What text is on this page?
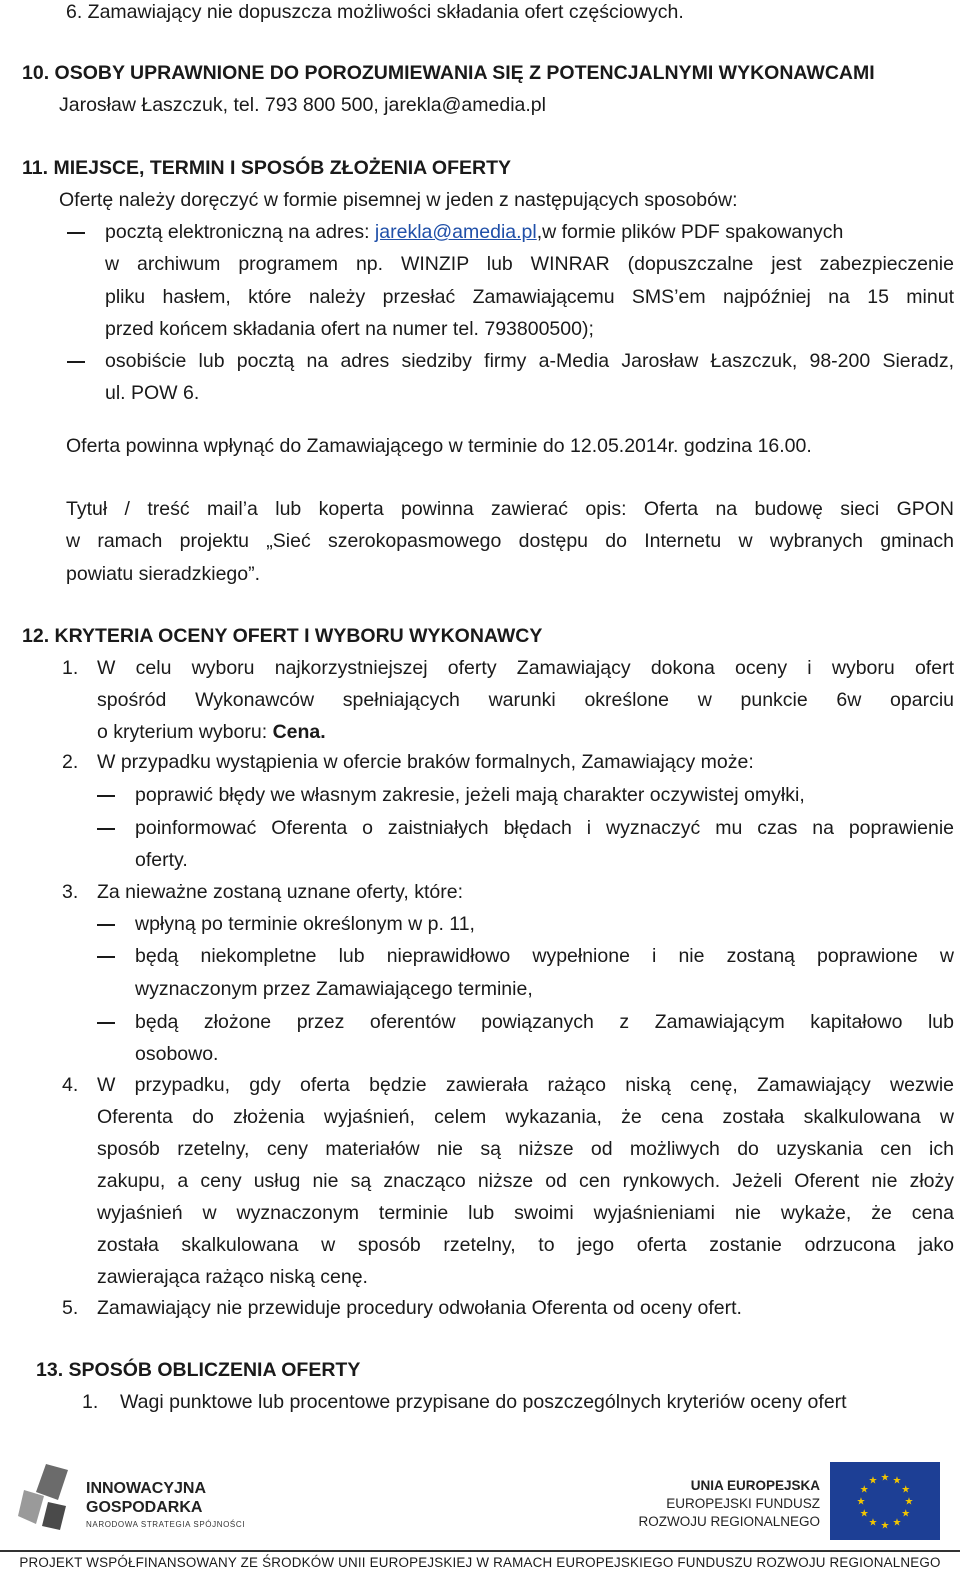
6. Zamawiający nie dopuszcza możliwości składania ofert częściowych.
10. OSOBY UPRAWNIONE DO POROZUMIEWANIA SIĘ Z POTENCJALNYMI WYKONAWCAMI
Jarosław Łaszczuk, tel. 793 800 500, jarekla@amedia.pl
11. MIEJSCE, TERMIN I SPOSÓB ZŁOŻENIA OFERTY
Ofertę należy doręczyć w formie pisemnej w jeden z następujących sposobów:
pocztą elektroniczną na adres: jarekla@amedia.pl,w formie plików PDF spakowanych
w archiwum programem np. WINZIP lub WINRAR (dopuszczalne jest zabezpieczenie
pliku hasłem, które należy przesłać Zamawiającemu SMS’em najpóźniej na 15 minut
przed końcem składania ofert na numer tel. 793800500);
osobiście lub pocztą na adres siedziby firmy a-Media Jarosław Łaszczuk, 98-200 Sieradz,
ul. POW 6.
Oferta powinna wpłynąć do Zamawiającego w terminie do 12.05.2014r. godzina 16.00.
Tytuł / treść mail’a lub koperta powinna zawierać opis: Oferta na budowę sieci GPON
w ramach projektu „Sieć szerokopasmowego dostępu do Internetu w wybranych gminach
powiatu sieradzkiego”.
12. KRYTERIA OCENY OFERT I WYBORU WYKONAWCY
1. W celu wyboru najkorzystniejszej oferty Zamawiający dokona oceny i wyboru ofert
spośród Wykonawców spełniających warunki określone w punkcie 6w oparciu
o kryterium wyboru: Cena.
2. W przypadku wystąpienia w ofercie braków formalnych, Zamawiający może:
poprawić błędy we własnym zakresie, jeżeli mają charakter oczywistej omyłki,
poinformować Oferenta o zaistniałych błędach i wyznaczyć mu czas na poprawienie
oferty.
3. Za nieważne zostaną uznane oferty, które:
wpłyną po terminie określonym w p. 11,
będą niekompletne lub nieprawidłowo wypełnione i nie zostaną poprawione w
wyznaczonym przez Zamawiającego terminie,
będą złożone przez oferentów powiązanych z Zamawiającym kapitałowo lub
osobowo.
4. W przypadku, gdy oferta będzie zawierała rażąco niską cenę, Zamawiający wezwie
Oferenta do złożenia wyjaśnień, celem wykazania, że cena została skalkulowana w
sposób rzetelny, ceny materiałów nie są niższe od możliwych do uzyskania cen ich
zakupu, a ceny usług nie są znacząco niższe od cen rynkowych. Jeżeli Oferent nie złoży
wyjaśnień w wyznaczonym terminie lub swoimi wyjaśnieniami nie wykaże, że cena
została skalkulowana w sposób rzetelny, to jego oferta zostanie odrzucona jako
zawierająca rażąco niską cenę.
5. Zamawiający nie przewiduje procedury odwołania Oferenta od oceny ofert.
13. SPOSÓB OBLICZENIA OFERTY
1. Wagi punktowe lub procentowe przypisane do poszczególnych kryteriów oceny ofert
INNOWACYJNA
GOSPODARKA
NARODOWA STRATEGIA SPÓJNOŚCI
UNIA EUROPEJSKA
EUROPEJSKI FUNDUSZ
ROZWOJU REGIONALNEGO
★ ★
★
★
★
★
★
★
★
★
★
★
PROJEKT WSPÓŁFINANSOWANY ZE ŚRODKÓW UNII EUROPEJSKIEJ W RAMACH EUROPEJSKIEGO FUNDUSZU ROZWOJU REGIONALNEGO
